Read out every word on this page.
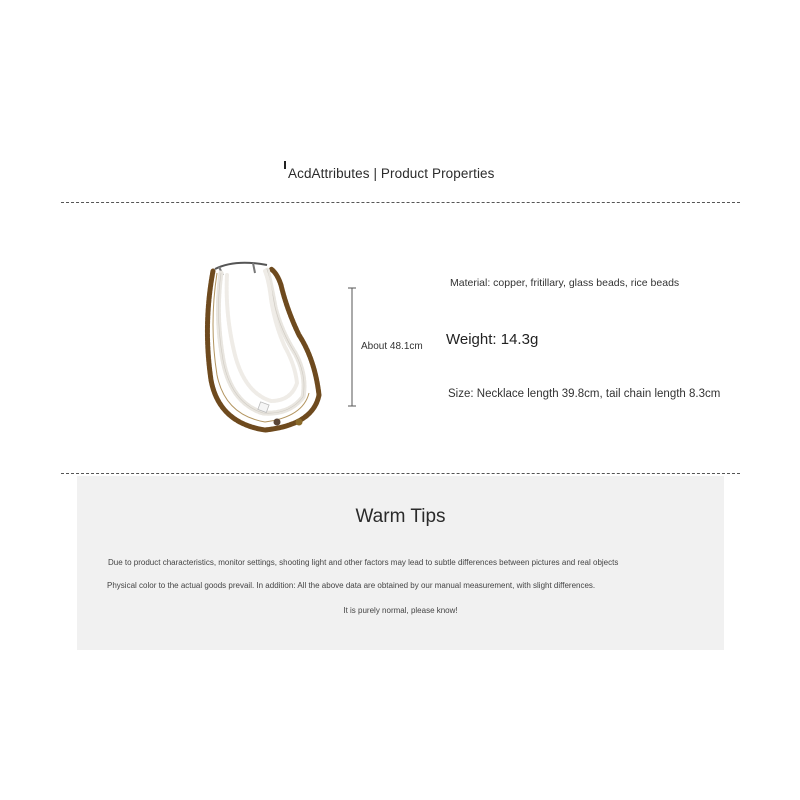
AcdAttributes | Product Properties
About 48.1cm
Material: copper, fritillary, glass beads, rice beads
Weight: 14.3g
Size: Necklace length 39.8cm, tail chain length 8.3cm
Warm Tips
Due to product characteristics, monitor settings, shooting light and other factors may lead to subtle differences between pictures and real objects
Physical color to the actual goods prevail. In addition: All the above data are obtained by our manual measurement, with slight differences.
It is purely normal, please know!
